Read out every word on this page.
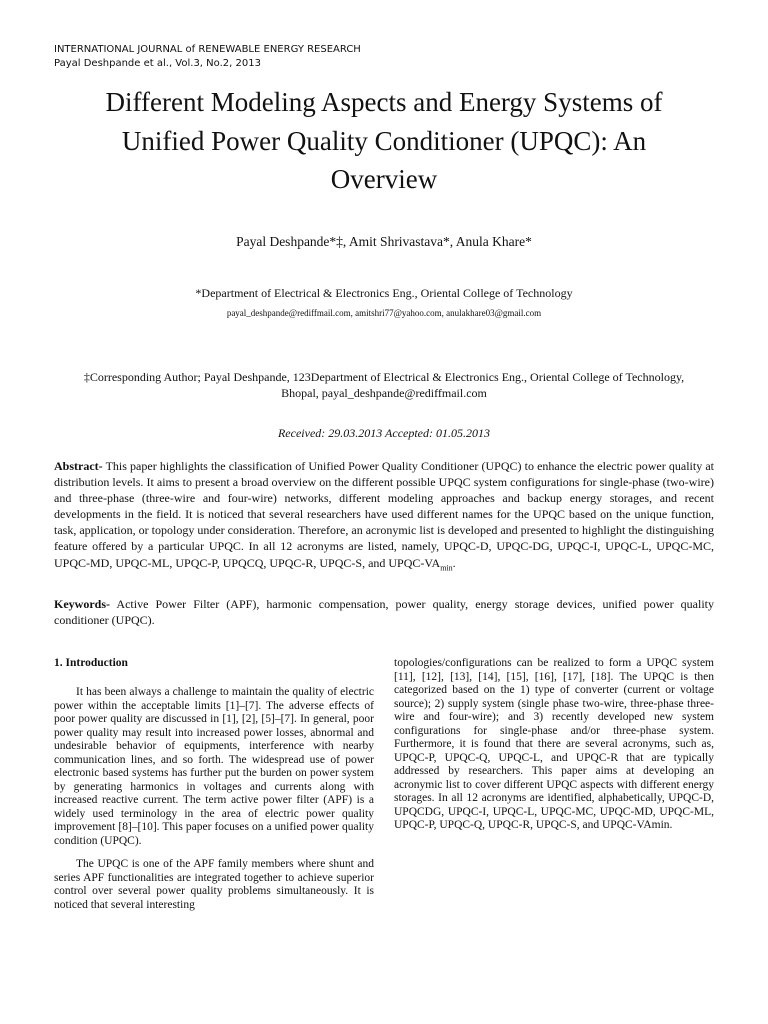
INTERNATIONAL JOURNAL of RENEWABLE ENERGY RESEARCH
Payal Deshpande et al., Vol.3, No.2, 2013
Different Modeling Aspects and Energy Systems of
Unified Power Quality Conditioner (UPQC): An
Overview
Payal Deshpande*‡, Amit Shrivastava*, Anula Khare*
*Department of Electrical & Electronics Eng., Oriental College of Technology
payal_deshpande@rediffmail.com, amitshri77@yahoo.com, anulakhare03@gmail.com
‡Corresponding Author; Payal Deshpande, 123Department of Electrical & Electronics Eng., Oriental College of Technology,
Bhopal, payal_deshpande@rediffmail.com
Received: 29.03.2013 Accepted: 01.05.2013
Abstract- This paper highlights the classification of Unified Power Quality Conditioner (UPQC) to enhance the electric power quality at distribution levels. It aims to present a broad overview on the different possible UPQC system configurations for single-phase (two-wire) and three-phase (three-wire and four-wire) networks, different modeling approaches and backup energy storages, and recent developments in the field. It is noticed that several researchers have used different names for the UPQC based on the unique function, task, application, or topology under consideration. Therefore, an acronymic list is developed and presented to highlight the distinguishing feature offered by a particular UPQC. In all 12 acronyms are listed, namely, UPQC-D, UPQC-DG, UPQC-I, UPQC-L, UPQC-MC, UPQC-MD, UPQC-ML, UPQC-P, UPQCQ, UPQC-R, UPQC-S, and UPQC-$VA_{min}$.
Keywords- Active Power Filter (APF), harmonic compensation, power quality, energy storage devices, unified power quality conditioner (UPQC).
1. Introduction

It has been always a challenge to maintain the quality of electric power within the acceptable limits [1]–[7]. The adverse effects of poor power quality are discussed in [1], [2], [5]–[7]. In general, poor power quality may result into increased power losses, abnormal and undesirable behavior of equipments, interference with nearby communication lines, and so forth. The widespread use of power electronic based systems has further put the burden on power system by generating harmonics in voltages and currents along with increased reactive current. The term active power filter (APF) is a widely used terminology in the area of electric power quality improvement [8]–[10]. This paper focuses on a unified power quality condition (UPQC).

The UPQC is one of the APF family members where shunt and series APF functionalities are integrated together to achieve superior control over several power quality problems simultaneously. It is noticed that several interesting

topologies/configurations can be realized to form a UPQC system [11], [12], [13], [14], [15], [16], [17], [18]. The UPQC is then categorized based on the 1) type of converter (current or voltage source); 2) supply system (single phase two-wire, three-phase three-wire and four-wire); and 3) recently developed new system configurations for single-phase and/or three-phase system. Furthermore, it is found that there are several acronyms, such as, UPQC-P, UPQC-Q, UPQC-L, and UPQC-R that are typically addressed by researchers. This paper aims at developing an acronymic list to cover different UPQC aspects with different energy storages. In all 12 acronyms are identified, alphabetically, UPQC-D, UPQCDG, UPQC-I, UPQC-L, UPQC-MC, UPQC-MD, UPQC-ML, UPQC-P, UPQC-Q, UPQC-R, UPQC-S, and UPQC-VAmin.
